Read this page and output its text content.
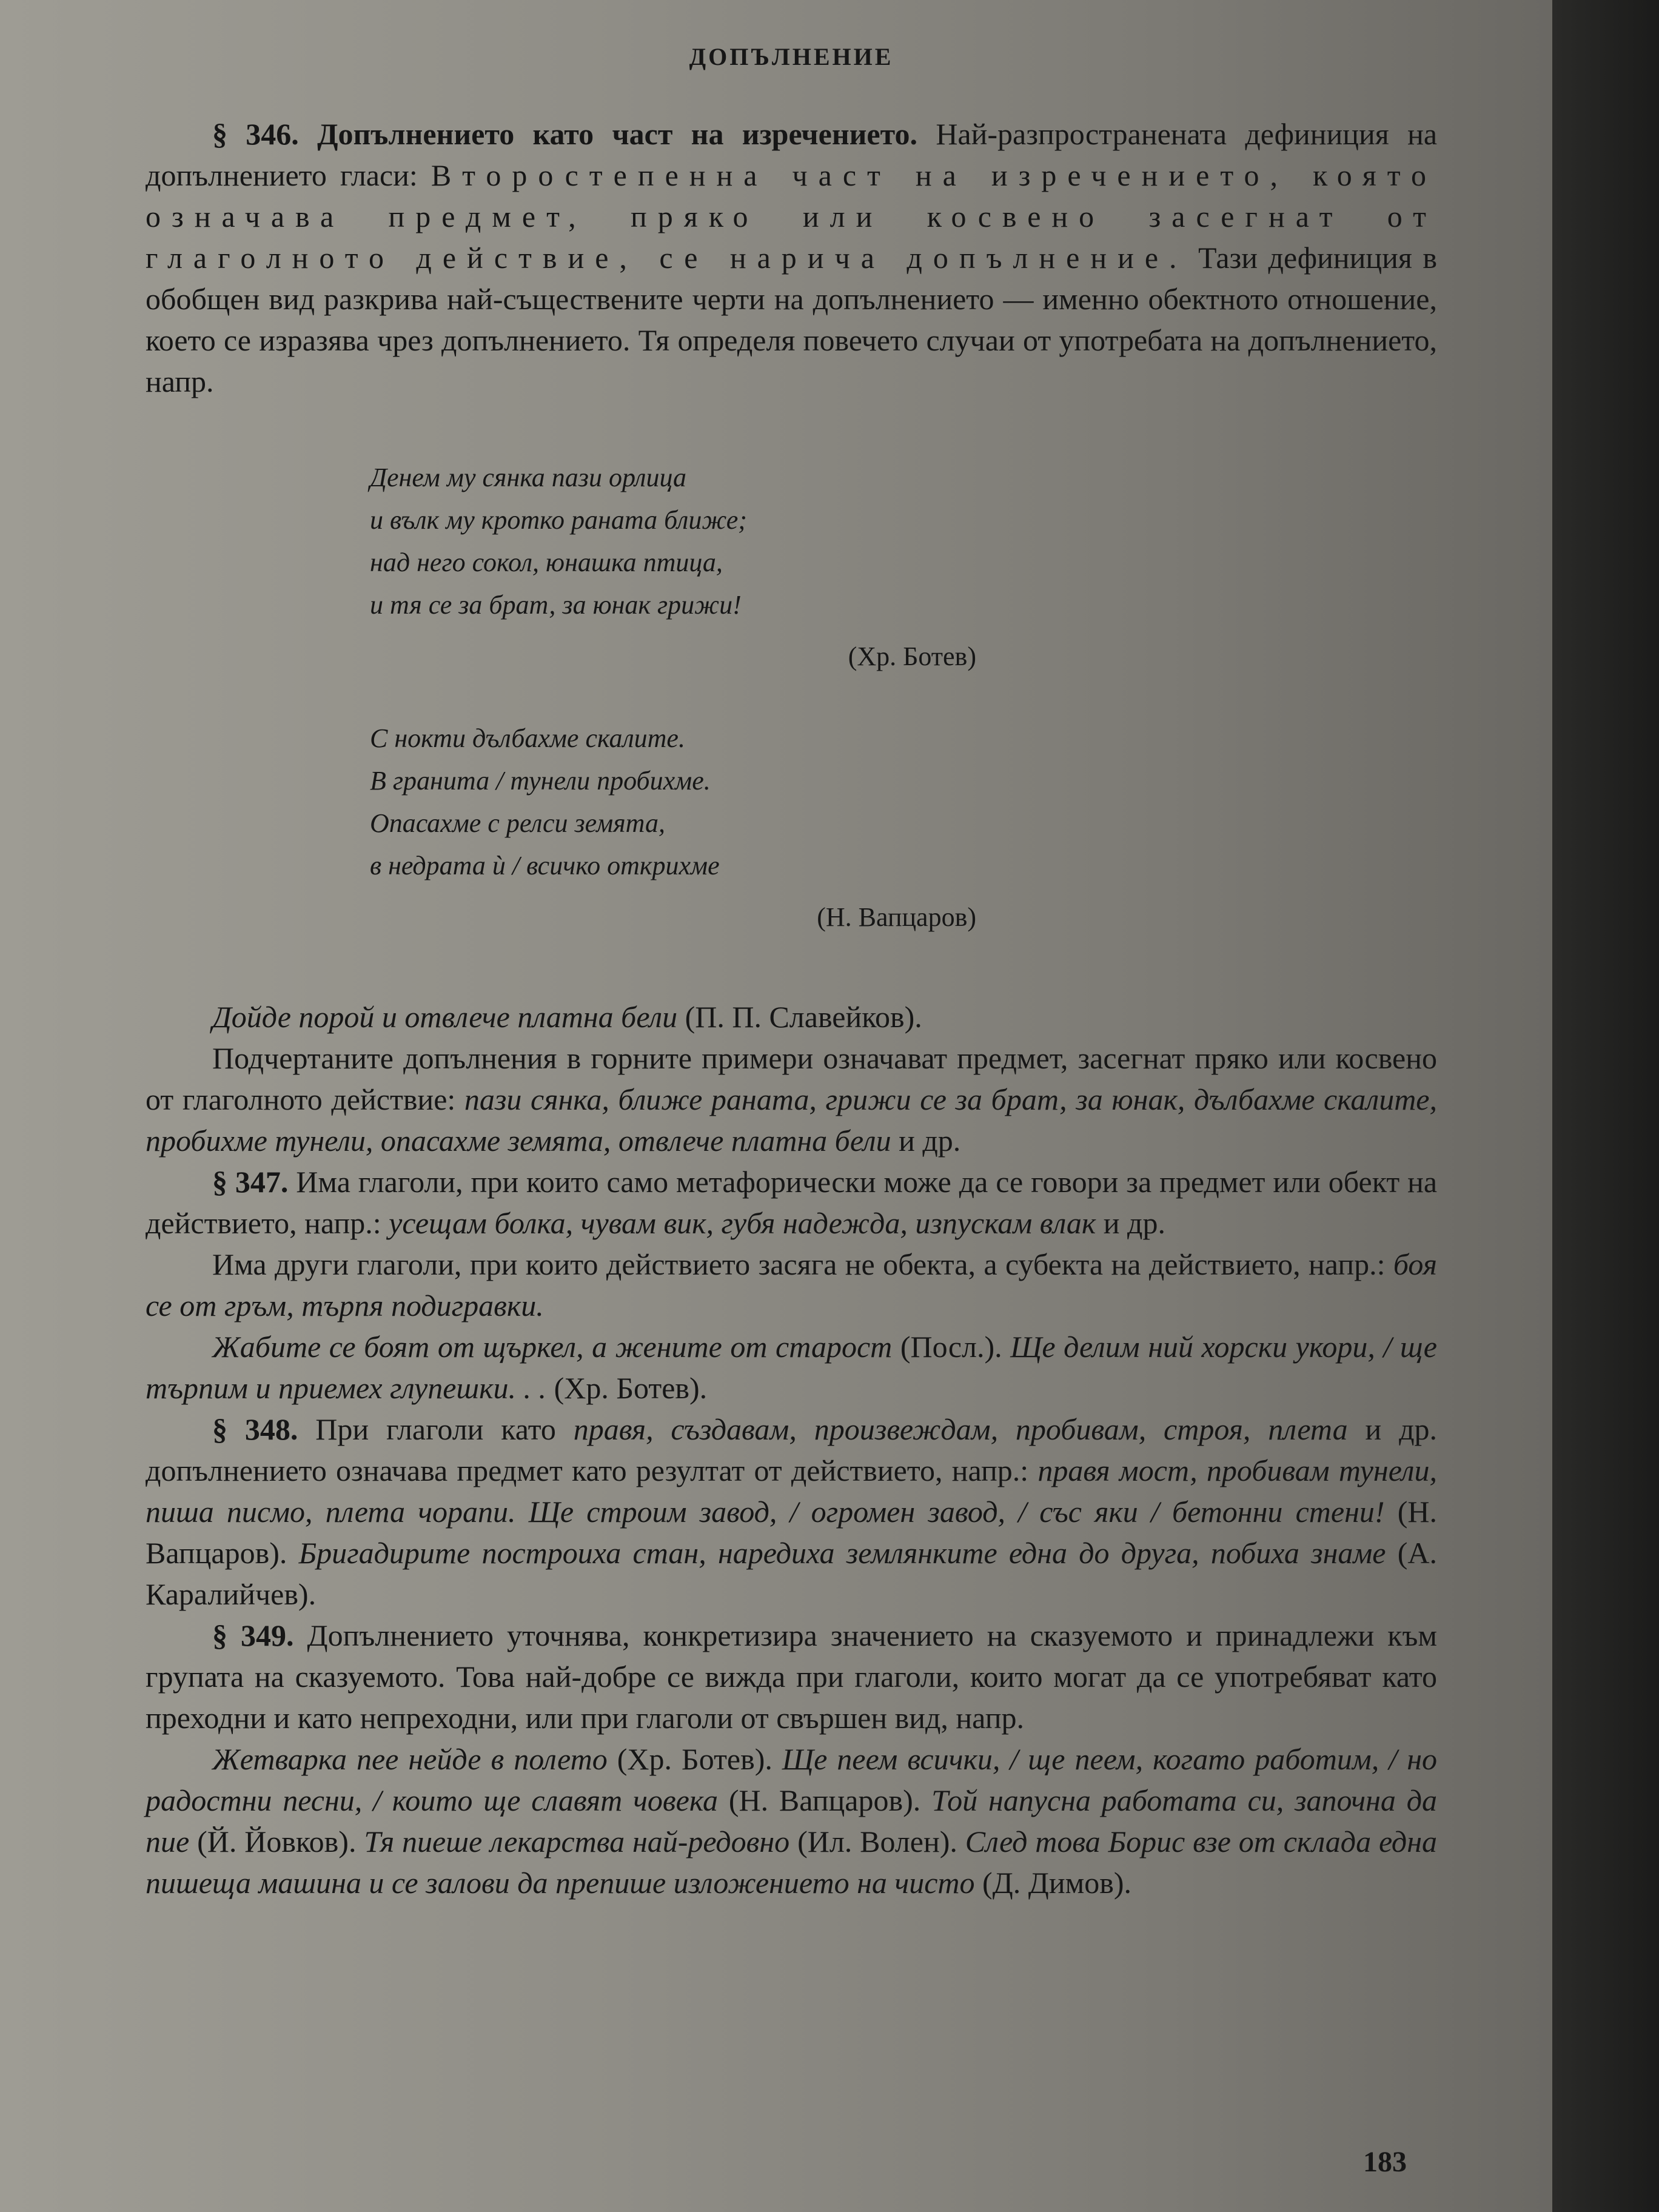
ДОПЪЛНЕНИЕ

§ 346. Допълнението като част на изречението. Най-разпространената дефиниция на допълнението гласи: Второстепенна част на изречението, която означава предмет, пряко или косвено засегнат от глаголното действие, се нарича допълнение. Тази дефиниция в обобщен вид разкрива най-съществените черти на допълнението — именно обектното отношение, което се изразява чрез допълнението. Тя определя повечето случаи от употребата на допълнението, напр.

Денем му сянка пази орлица
и вълк му кротко раната ближе;
над него сокол, юнашка птица,
и тя се за брат, за юнак грижи!
(Хр. Ботев)
С нокти дълбахме скалите.
В гранита / тунели пробихме.
Опасахме с релси земята,
в недрата ѝ / всичко открихме
(Н. Вапцаров)

Дойде порой и отвлече платна бели (П. П. Славейков).

Подчертаните допълнения в горните примери означават предмет, засегнат пряко или косвено от глаголното действие: пази сянка, ближе раната, грижи се за брат, за юнак, дълбахме скалите, пробихме тунели, опасахме земята, отвлече платна бели и др.

§ 347. Има глаголи, при които само метафорически може да се говори за предмет или обект на действието, напр.: усещам болка, чувам вик, губя надежда, изпускам влак и др.

Има други глаголи, при които действието засяга не обекта, а субекта на действието, напр.: боя се от гръм, търпя подигравки.

Жабите се боят от щъркел, а жените от старост (Посл.). Ще делим ний хорски укори, / ще търпим и приемех глупешки. . . (Хр. Ботев).

§ 348. При глаголи като правя, създавам, произвеждам, пробивам, строя, плета и др. допълнението означава предмет като резултат от действието, напр.: правя мост, пробивам тунели, пиша писмо, плета чорапи. Ще строим завод, / огромен завод, / със яки / бетонни стени! (Н. Вапцаров). Бригадирите построиха стан, наредиха землянките една до друга, побиха знаме (А. Каралийчев).

§ 349. Допълнението уточнява, конкретизира значението на сказуемото и принадлежи към групата на сказуемото. Това най-добре се вижда при глаголи, които могат да се употребяват като преходни и като непреходни, или при глаголи от свършен вид, напр.

Жетварка пее нейде в полето (Хр. Ботев). Ще пеем всички, / ще пеем, когато работим, / но радостни песни, / които ще славят човека (Н. Вапцаров). Той напусна работата си, започна да пие (Й. Йовков). Тя пиеше лекарства най-редовно (Ил. Волен). След това Борис взе от склада една пишеща машина и се залови да препише изложението на чисто (Д. Димов).

183
